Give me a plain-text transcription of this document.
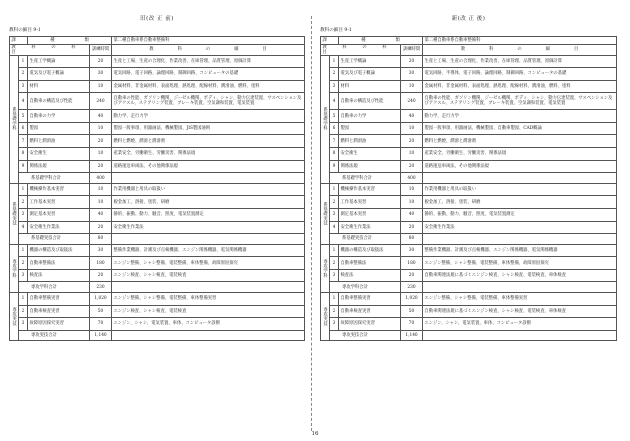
旧(改 正 前)
教科の細目 9-1
課		種 類		第二種自動車系自動車整備科
教 科 の 科目			訓練時間	教 科 の 細 目

系基礎学科	1	生産工学概論	20	生産と工場、生産の合理化、作業改善、在庫管理、品質管理、原価計算
	2	電気及び電子概論	30	電気回路、電子回路、論理回路、制御回路、コンピュータの基礎
	3	材料	10	金属材料、非金属材料、表面処理、熱処理、配線材料、潤滑油、燃料、塗料
	4	自動車の構造及び性能	240	自動車の性能、ガソリン機関、ジーゼル機関、ボディ、シャシ、動力伝達装置、サスペンション及びアクスル、ステアリング装置、ブレーキ装置、空気調和装置、電気装置
	5	自動車の力学	40	動力学、走行力学
	6	製図	10	製図一般事項、用器画法、機械製図、JIS製図通則
	7	燃料と潤滑油	20	燃料と燃焼、潤滑と潤滑剤
	8	安全衛生	10	産業安全、労働衛生、労働災害、関係法規
	9	関係法規	20	道路運送車両法、その他関係法規
	系基礎学科合計		400	

系基礎実技	1	機械操作基本実習	10	作業用機器と用具の取扱い
	2	工作基本実習	10	板金加工、溶接、塗装、研磨
	3	測定基本実習	40	静的、振動、動力、騒音、照度、電気装置測定
	4	安全衛生作業法	20	安全衛生作業法
	系基礎実技合計		80	

専攻学科	1	機器の構造及び取扱法	30	整備作業機器、計測及び点検機器、エンジン関係機器、電気関係機器
	2	自動車整備法	180	エンジン整備、シャシ整備、電装整備、車体整備、故障原因探究
	3	検査法	20	エンジン検査、シャシ検査、電装検査
	専攻学科合計		230	

専攻実技	1	自動車整備実習	1,020	エンジン整備、シャシ整備、電装整備、車体整備実習
	2	自動車検査実習	50	エンジン検査、シャシ検査、電装検査
	3	故障原因探究実習	70	エンジン、シャシ、電気装置、車体、コンピュータ診断
	専攻実技合計		1,140	
新(改 正 後)
教科の細目 9-1
課		種 類		第二種自動車系自動車整備科
教 科 の 科目			訓練時間	教 科 の 細 目

系基礎学科	1	生産工学概論	20	生産と工場、生産の合理化、作業改善、在庫管理、品質管理、原価計算
	2	電気及び電子概論	30	電気回路、半導体、電子回路、論理回路、制御回路、コンピュータの基礎
	3	材料	10	金属材料、非金属材料、表面処理、熱処理、配線材料、潤滑油、燃料、塗料
	4	自動車の構造及び性能	240	自動車の性能、ガソリン機関、ジーゼル機関、ボディ、シャシ、動力伝達装置、サスペンション及びアクスル、ステアリング装置、ブレーキ装置、空気調和装置、電気装置
	5	自動車の力学	40	動力学、走行力学
	6	製図	10	製図一般事項、用器画法、機械製図、自動車製図、CAD概論
	7	燃料と潤滑油	20	燃料と燃焼、潤滑と潤滑剤
	8	安全衛生	10	産業安全、労働衛生、労働災害、関係法規
	9	関係法規	20	道路運送車両法、その他関係法規
	系基礎学科合計		400	

系基礎実技	1	機械操作基本実習	10	作業用機器と用具の取扱い
	2	工作基本実習	10	板金加工、溶接、塗装、研磨
	3	測定基本実習	40	静的、振動、動力、騒音、照度、電気装置測定
	4	安全衛生作業法	20	安全衛生作業法
	系基礎実技合計		80	

専攻学科	1	機器の構造及び取扱法	30	整備作業機器、計測及び点検機器、エンジン関係機器、電気関係機器
	2	自動車整備法	180	エンジン整備、シャシ整備、電装整備、車体整備、故障原因探究
	3	検査法	20	自動車関連法規に基づくエンジン検査、シャシ検査、電装検査、車体検査
	専攻学科合計		230	

専攻実技	1	自動車整備実習	1,020	エンジン整備、シャシ整備、電装整備、車体整備実習
	2	自動車検査実習	50	自動車関連法規に基づくエンジン検査、シャシ検査、電装検査、車体検査
	3	故障原因探究実習	70	エンジン、シャシ、電気装置、車体、コンピュータ診断
	専攻実技合計		1,140	
16
